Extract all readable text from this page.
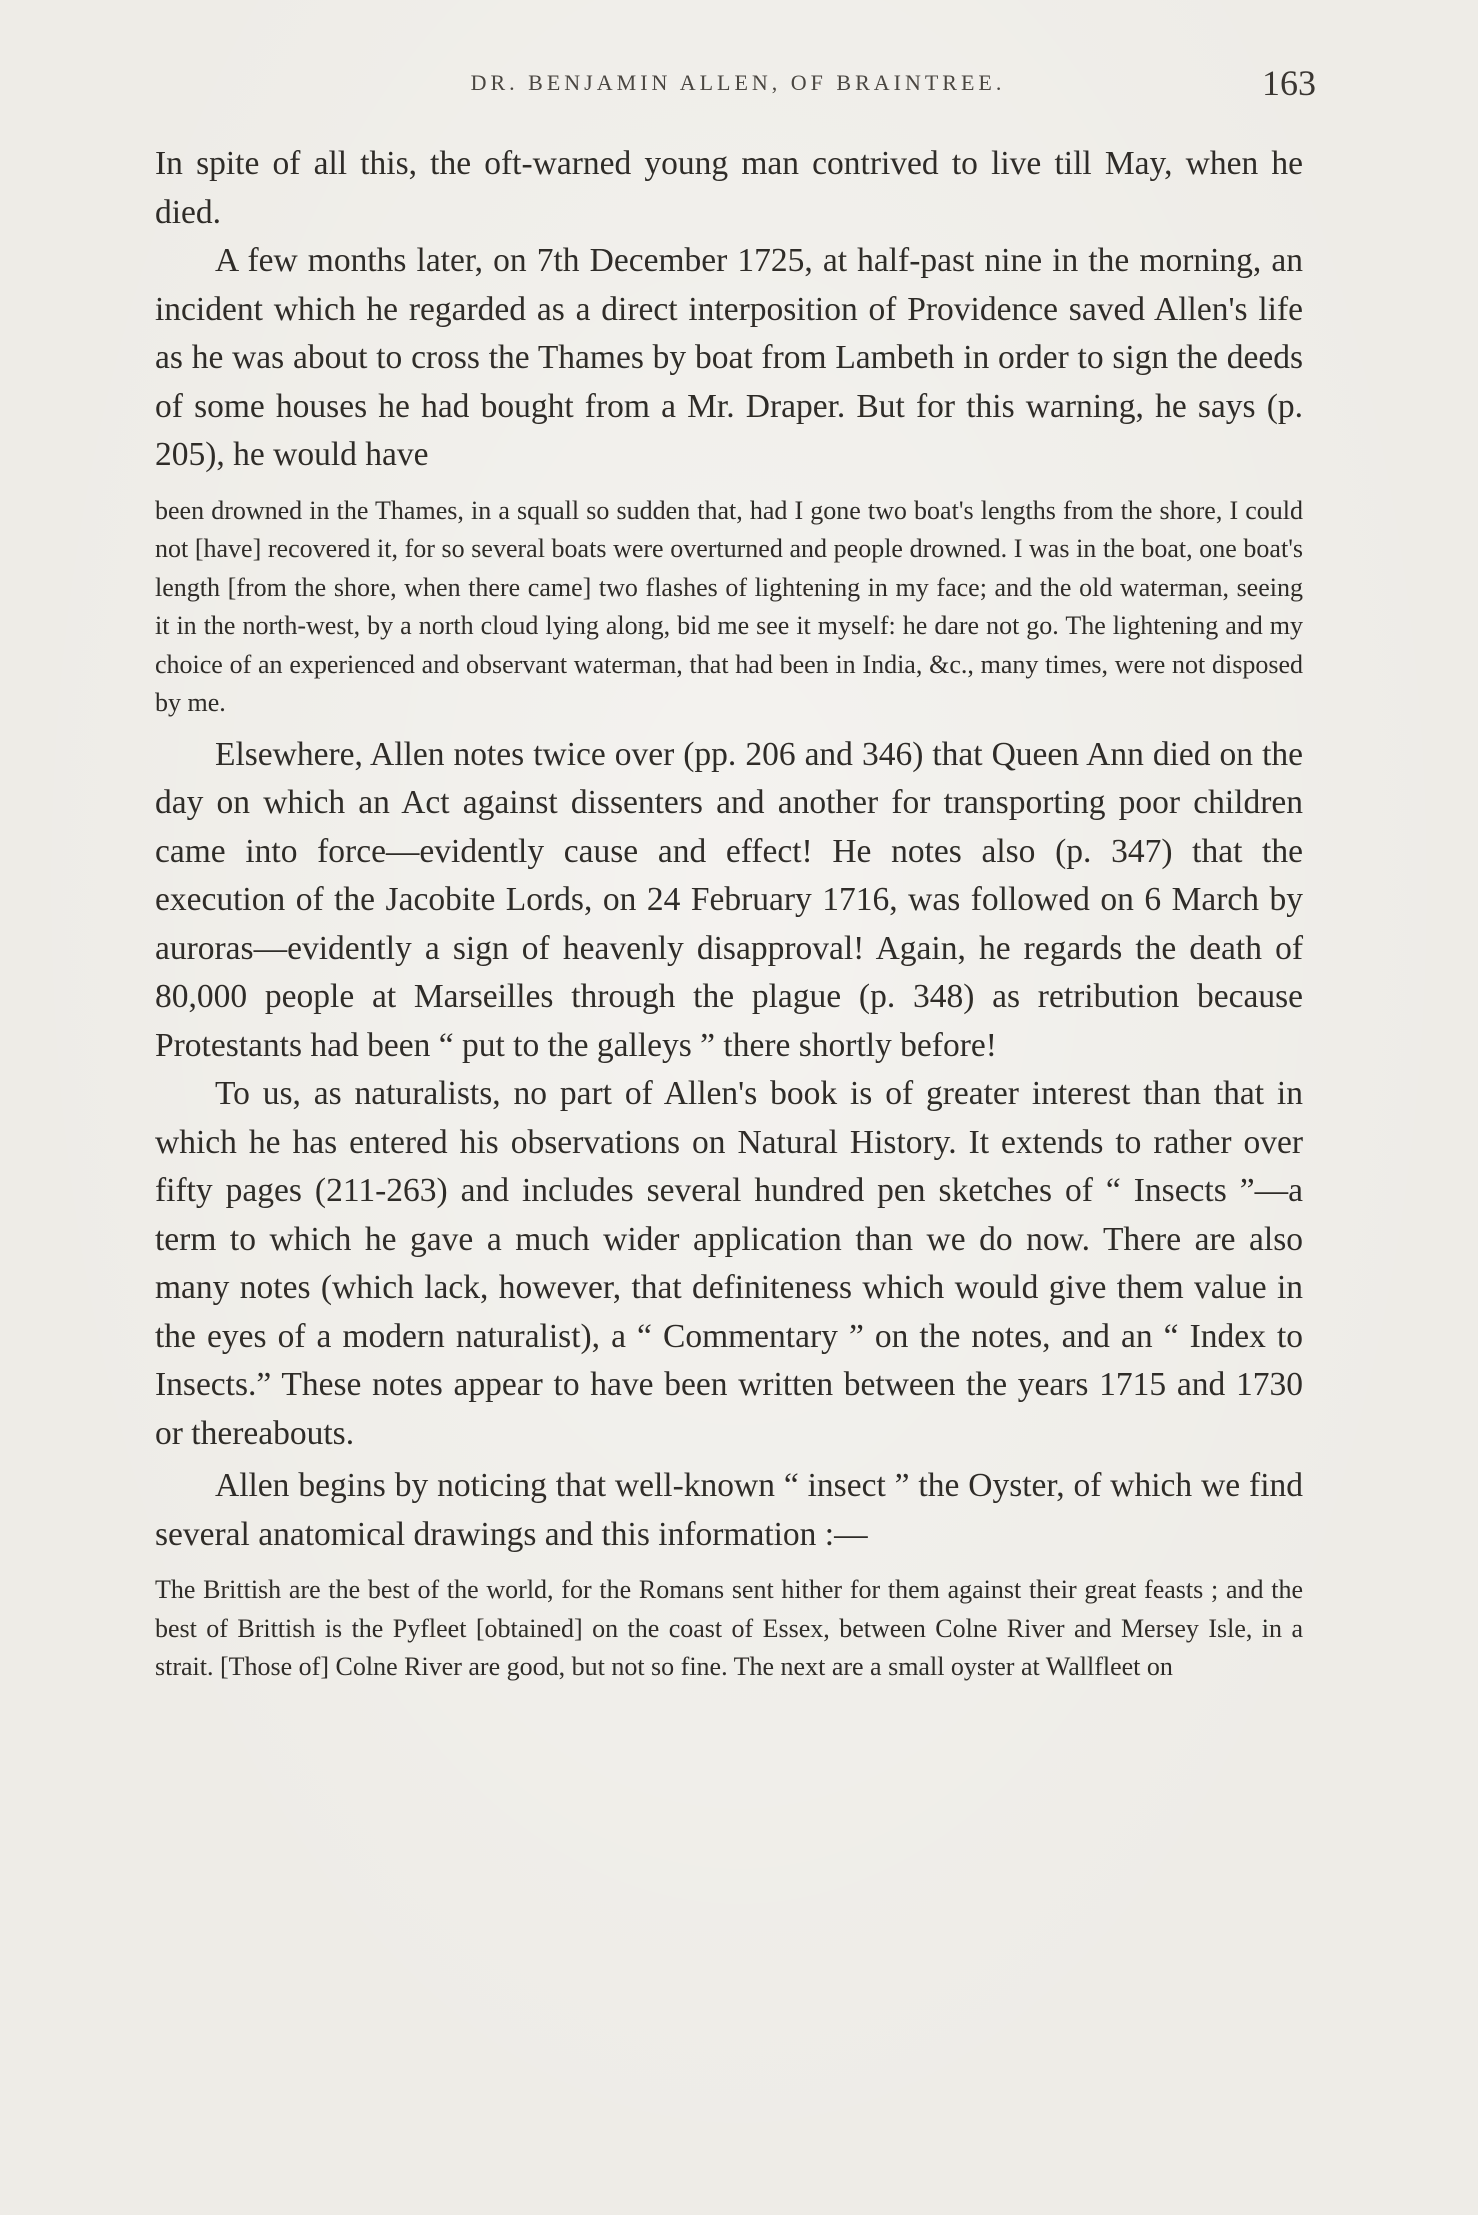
DR. BENJAMIN ALLEN, OF BRAINTREE.	163

In spite of all this, the oft-warned young man contrived to live till May, when he died.

A few months later, on 7th December 1725, at half-past nine in the morning, an incident which he regarded as a direct interposition of Providence saved Allen's life as he was about to cross the Thames by boat from Lambeth in order to sign the deeds of some houses he had bought from a Mr. Draper. But for this warning, he says (p. 205), he would have

been drowned in the Thames, in a squall so sudden that, had I gone two boat's lengths from the shore, I could not [have] recovered it, for so several boats were overturned and people drowned. I was in the boat, one boat's length [from the shore, when there came] two flashes of lightening in my face; and the old waterman, seeing it in the north-west, by a north cloud lying along, bid me see it myself: he dare not go. The lightening and my choice of an experienced and observant waterman, that had been in India, &c., many times, were not disposed by me.

Elsewhere, Allen notes twice over (pp. 206 and 346) that Queen Ann died on the day on which an Act against dissenters and another for transporting poor children came into force—evidently cause and effect! He notes also (p. 347) that the execution of the Jacobite Lords, on 24 February 1716, was followed on 6 March by auroras—evidently a sign of heavenly disapproval! Again, he regards the death of 80,000 people at Marseilles through the plague (p. 348) as retribution because Protestants had been “ put to the galleys ” there shortly before!

To us, as naturalists, no part of Allen's book is of greater interest than that in which he has entered his observations on Natural History. It extends to rather over fifty pages (211-263) and includes several hundred pen sketches of “ Insects ”—a term to which he gave a much wider application than we do now. There are also many notes (which lack, however, that definiteness which would give them value in the eyes of a modern naturalist), a “ Commentary ” on the notes, and an “ Index to Insects.” These notes appear to have been written between the years 1715 and 1730 or thereabouts.

Allen begins by noticing that well-known “ insect ” the Oyster, of which we find several anatomical drawings and this information :—

The Brittish are the best of the world, for the Romans sent hither for them against their great feasts ; and the best of Brittish is the Pyfleet [obtained] on the coast of Essex, between Colne River and Mersey Isle, in a strait. [Those of] Colne River are good, but not so fine. The next are a small oyster at Wallfleet on
